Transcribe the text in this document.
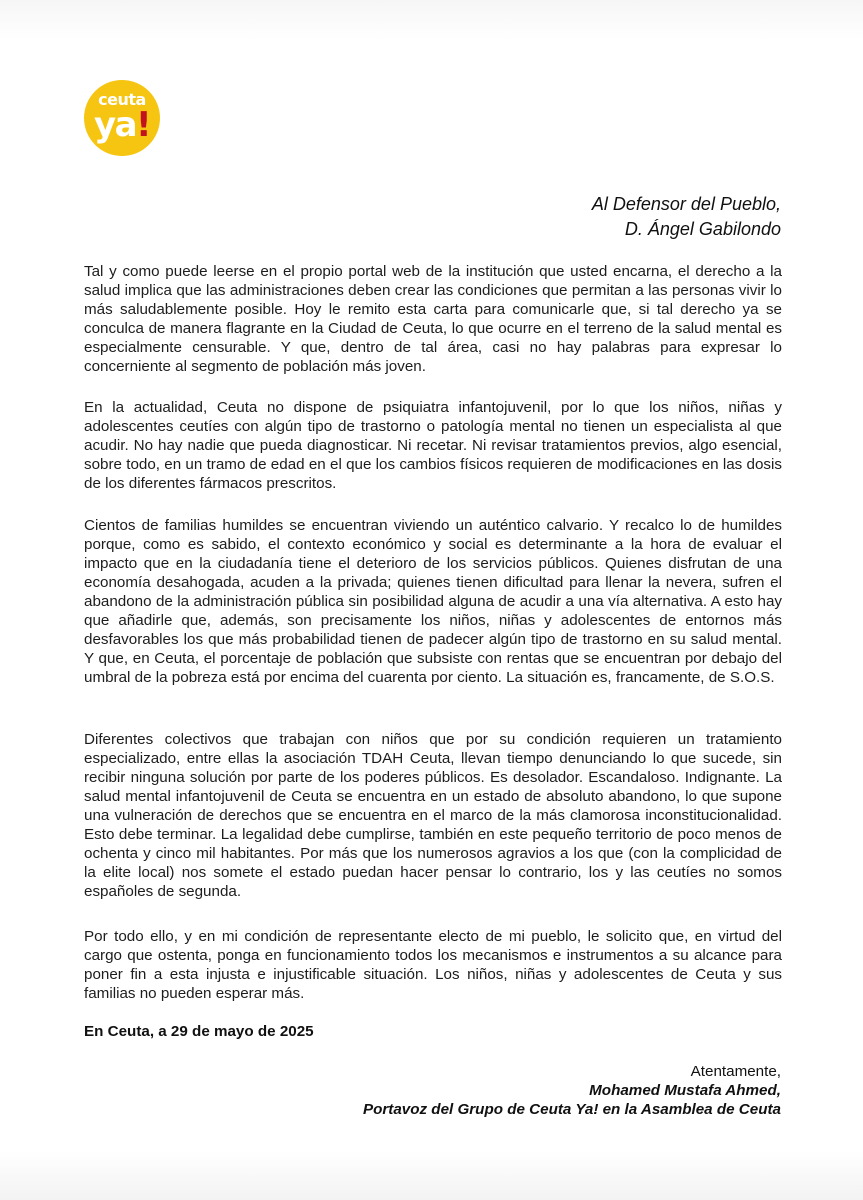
ceuta
ya!
Al Defensor del Pueblo,
D. Ángel Gabilondo

Tal y como puede leerse en el propio portal web de la institución que usted encarna, el derecho a la salud implica que las administraciones deben crear las condiciones que permitan a las personas vivir lo más saludablemente posible. Hoy le remito esta carta para comunicarle que, si tal derecho ya se conculca de manera flagrante en la Ciudad de Ceuta, lo que ocurre en el terreno de la salud mental es especialmente censurable. Y que, dentro de tal área, casi no hay palabras para expresar lo concerniente al segmento de población más joven.

En la actualidad, Ceuta no dispone de psiquiatra infantojuvenil, por lo que los niños, niñas y adolescentes ceutíes con algún tipo de trastorno o patología mental no tienen un especialista al que acudir. No hay nadie que pueda diagnosticar. Ni recetar. Ni revisar tratamientos previos, algo esencial, sobre todo, en un tramo de edad en el que los cambios físicos requieren de modificaciones en las dosis de los diferentes fármacos prescritos.

Cientos de familias humildes se encuentran viviendo un auténtico calvario. Y recalco lo de humildes porque, como es sabido, el contexto económico y social es determinante a la hora de evaluar el impacto que en la ciudadanía tiene el deterioro de los servicios públicos. Quienes disfrutan de una economía desahogada, acuden a la privada; quienes tienen dificultad para llenar la nevera, sufren el abandono de la administración pública sin posibilidad alguna de acudir a una vía alternativa. A esto hay que añadirle que, además, son precisamente los niños, niñas y adolescentes de entornos más desfavorables los que más probabilidad tienen de padecer algún tipo de trastorno en su salud mental. Y que, en Ceuta, el porcentaje de población que subsiste con rentas que se encuentran por debajo del umbral de la pobreza está por encima del cuarenta por ciento. La situación es, francamente, de S.O.S.

Diferentes colectivos que trabajan con niños que por su condición requieren un tratamiento especializado, entre ellas la asociación TDAH Ceuta, llevan tiempo denunciando lo que sucede, sin recibir ninguna solución por parte de los poderes públicos. Es desolador. Escandaloso. Indignante. La salud mental infantojuvenil de Ceuta se encuentra en un estado de absoluto abandono, lo que supone una vulneración de derechos que se encuentra en el marco de la más clamorosa inconstitucionalidad. Esto debe terminar. La legalidad debe cumplirse, también en este pequeño territorio de poco menos de ochenta y cinco mil habitantes. Por más que los numerosos agravios a los que (con la complicidad de la elite local) nos somete el estado puedan hacer pensar lo contrario, los y las ceutíes no somos españoles de segunda.

Por todo ello, y en mi condición de representante electo de mi pueblo, le solicito que, en virtud del cargo que ostenta, ponga en funcionamiento todos los mecanismos e instrumentos a su alcance para poner fin a esta injusta e injustificable situación. Los niños, niñas y adolescentes de Ceuta y sus familias no pueden esperar más.

En Ceuta, a 29 de mayo de 2025
Atentamente,
Mohamed Mustafa Ahmed,
Portavoz del Grupo de Ceuta Ya! en la Asamblea de Ceuta
